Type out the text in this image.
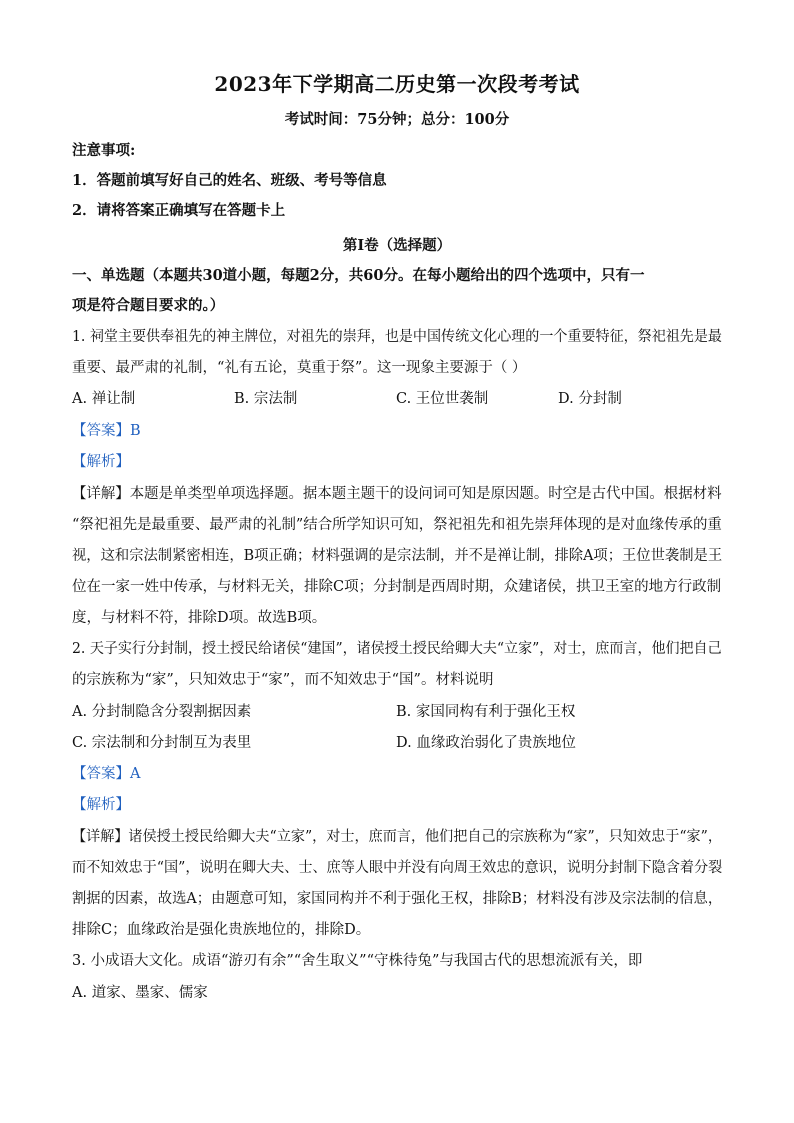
2023年下学期高二历史第一次段考考试
考试时间：75分钟；总分：100分
注意事项:
1．答题前填写好自己的姓名、班级、考号等信息
2．请将答案正确填写在答题卡上
第I卷（选择题）
一、单选题（本题共30道小题，每题2分，共60分。在每小题给出的四个选项中，只有一
项是符合题目要求的。）
1. 祠堂主要供奉祖先的神主牌位，对祖先的崇拜，也是中国传统文化心理的一个重要特征，祭祀祖先是最
重要、最严肃的礼制，“礼有五论，莫重于祭”。这一现象主要源于（ ）
A. 禅让制	B. 宗法制	C. 王位世袭制	D. 分封制
【答案】B
【解析】
【详解】本题是单类型单项选择题。据本题主题干的设问词可知是原因题。时空是古代中国。根据材料
“祭祀祖先是最重要、最严肃的礼制”结合所学知识可知，祭祀祖先和祖先崇拜体现的是对血缘传承的重
视，这和宗法制紧密相连，B项正确；材料强调的是宗法制，并不是禅让制，排除A项；王位世袭制是王
位在一家一姓中传承，与材料无关，排除C项；分封制是西周时期，众建诸侯，拱卫王室的地方行政制
度，与材料不符，排除D项。故选B项。
2. 天子实行分封制，授土授民给诸侯“建国”，诸侯授土授民给卿大夫“立家”，对士，庶而言，他们把自己
的宗族称为“家”，只知效忠于“家”，而不知效忠于“国”。材料说明
A. 分封制隐含分裂割据因素	B. 家国同构有利于强化王权
C. 宗法制和分封制互为表里	D. 血缘政治弱化了贵族地位
【答案】A
【解析】
【详解】诸侯授土授民给卿大夫“立家”，对士，庶而言，他们把自己的宗族称为“家”，只知效忠于“家”，
而不知效忠于“国”，说明在卿大夫、士、庶等人眼中并没有向周王效忠的意识，说明分封制下隐含着分裂
割据的因素，故选A；由题意可知，家国同构并不利于强化王权，排除B；材料没有涉及宗法制的信息，
排除C；血缘政治是强化贵族地位的，排除D。
3. 小成语大文化。成语“游刃有余”“舍生取义”“守株待兔”与我国古代的思想流派有关，即
A. 道家、墨家、儒家
